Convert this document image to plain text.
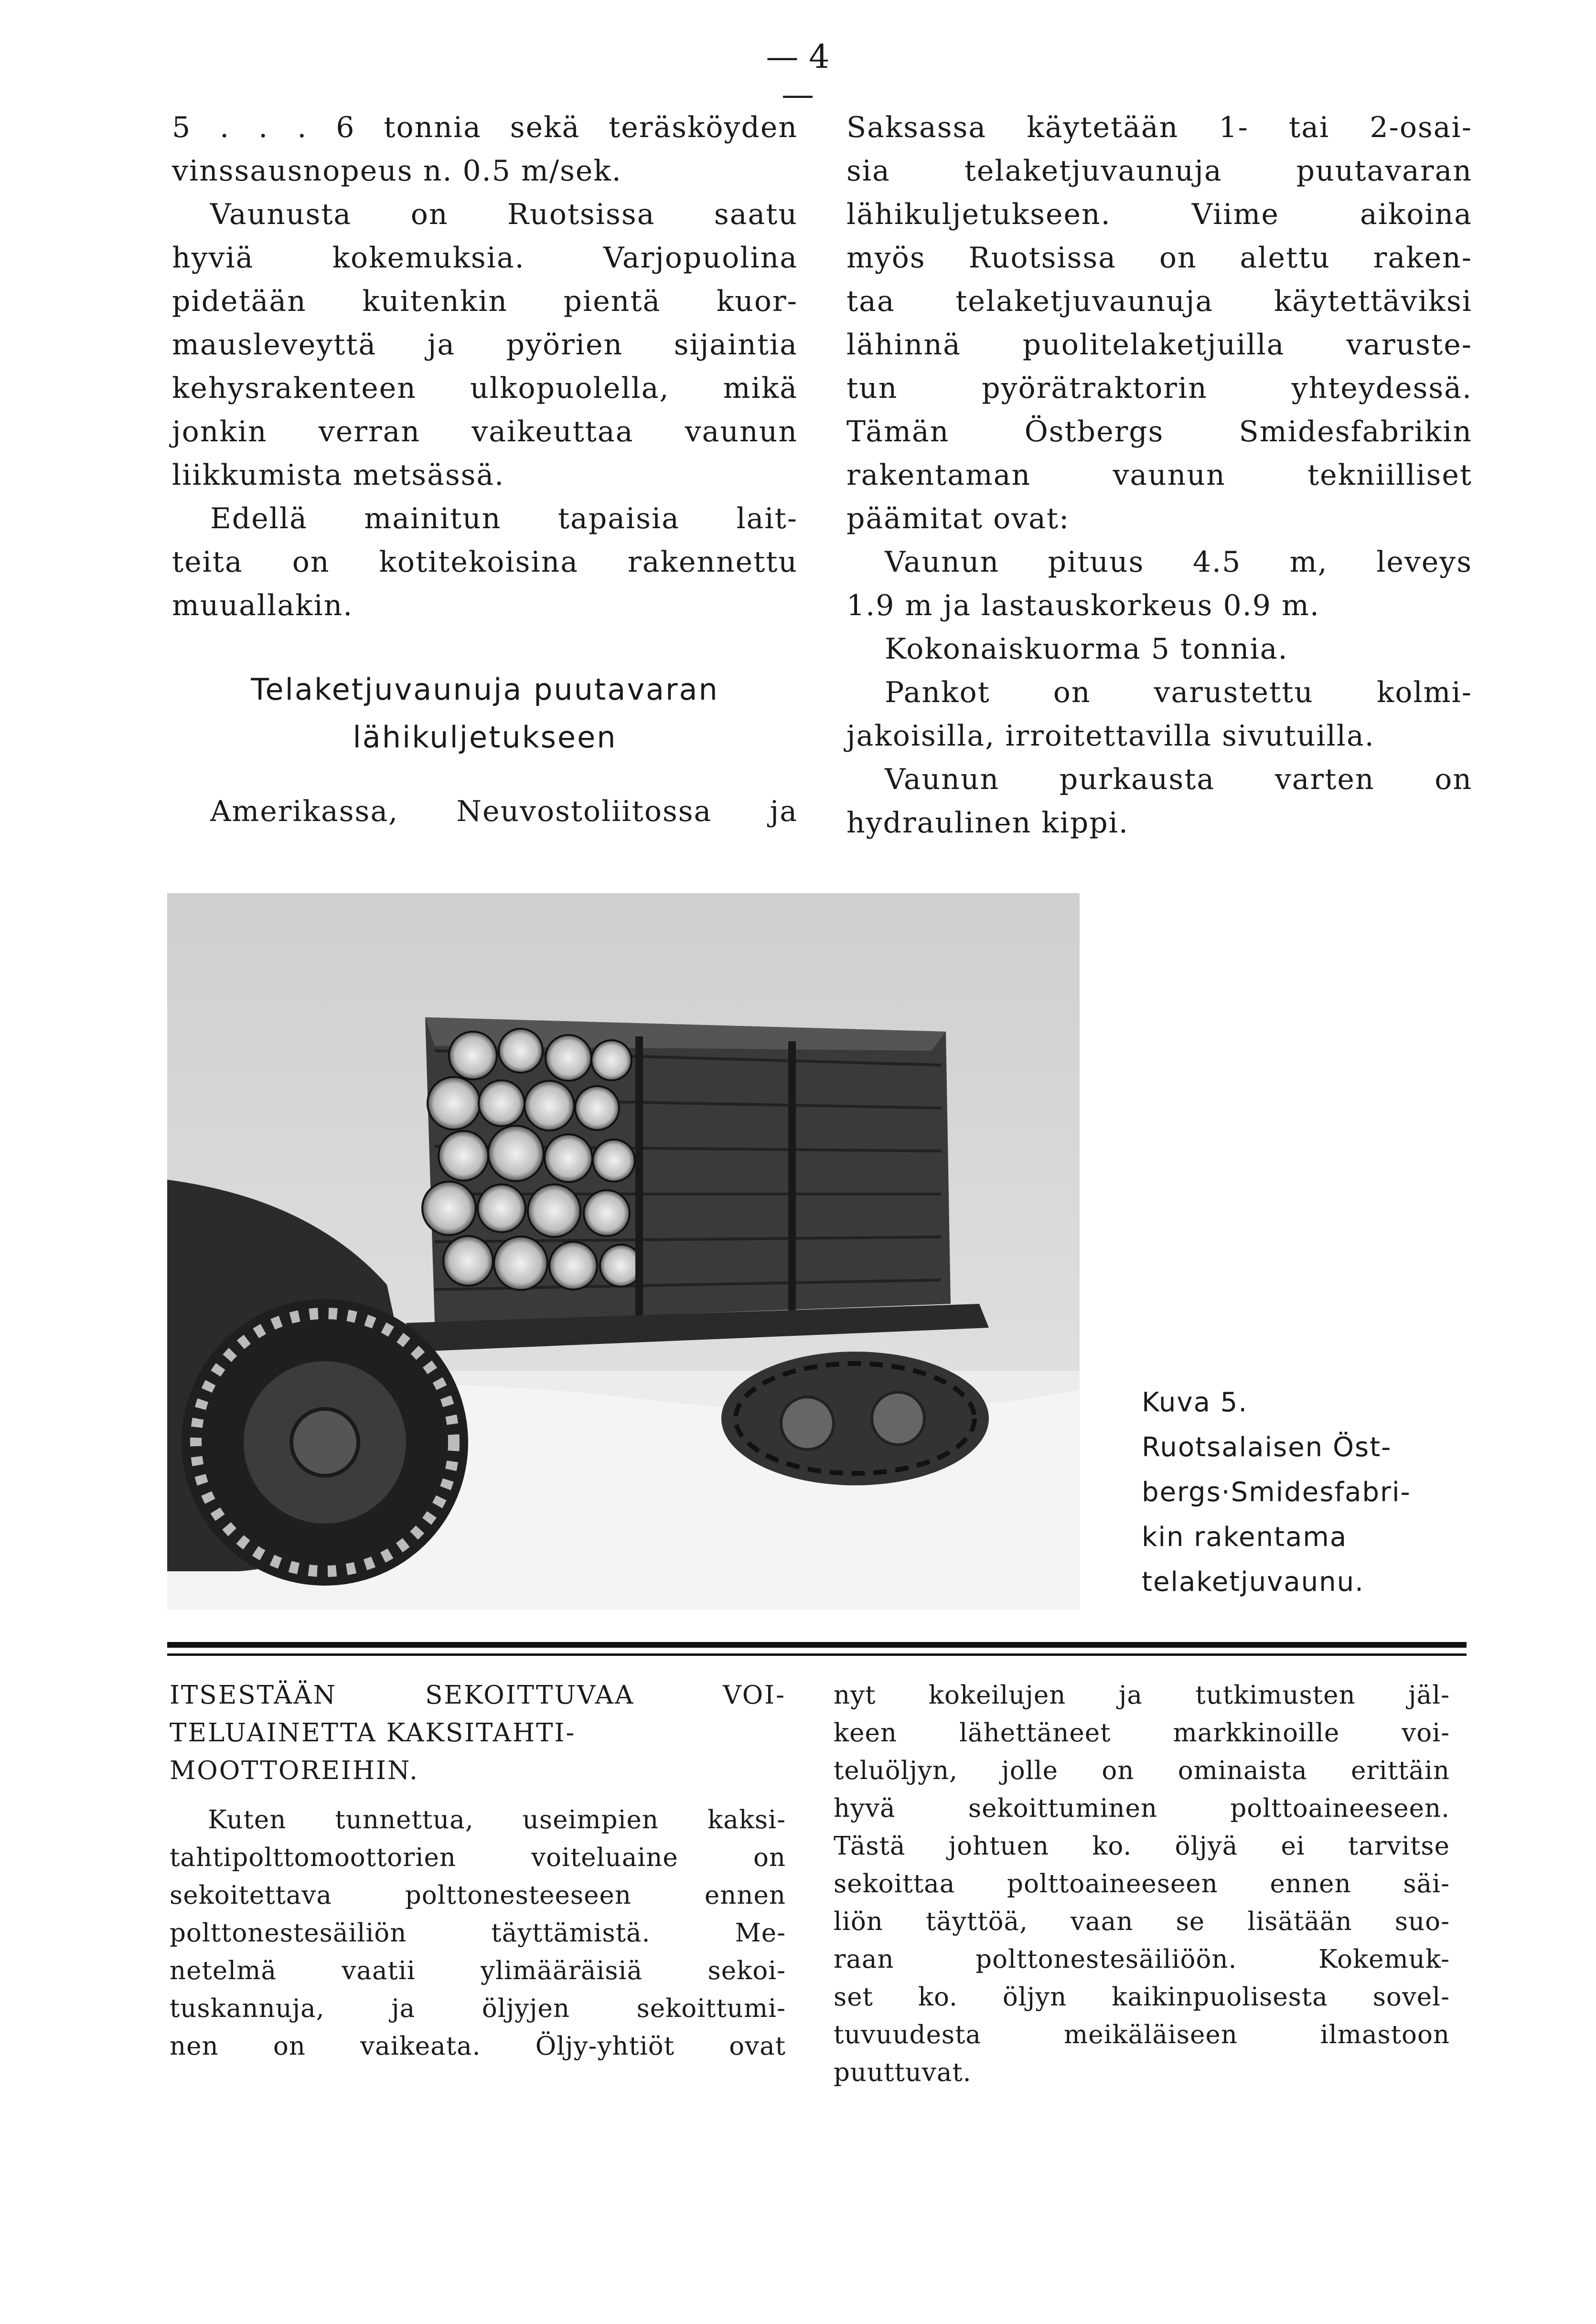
— 4 —

5 . . . 6 tonnia sekä teräsköyden

vinssausnopeus n. 0.5 m/sek.

Vaunusta on Ruotsissa saatu

hyviä kokemuksia. Varjopuolina

pidetään kuitenkin pientä kuor-

mausleveyttä ja pyörien sijaintia

kehysrakenteen ulkopuolella, mikä

jonkin verran vaikeuttaa vaunun

liikkumista metsässä.

Edellä mainitun tapaisia lait-

teita on kotitekoisina rakennettu

muuallakin.

Telaketjuvaunuja puutavaran
lähikuljetukseen

Amerikassa, Neuvostoliitossa ja

Saksassa käytetään 1- tai 2-osai-

sia telaketjuvaunuja puutavaran

lähikuljetukseen. Viime aikoina

myös Ruotsissa on alettu raken-

taa telaketjuvaunuja käytettäviksi

lähinnä puolitelaketjuilla varuste-

tun pyörätraktorin yhteydessä.

Tämän Östbergs Smidesfabrikin

rakentaman vaunun tekniilliset

päämitat ovat:

Vaunun pituus 4.5 m, leveys

1.9 m ja lastauskorkeus 0.9 m.

Kokonaiskuorma 5 tonnia.

Pankot on varustettu kolmi-

jakoisilla, irroitettavilla sivutuilla.

Vaunun purkausta varten on

hydraulinen kippi.

Kuva 5.
Ruotsalaisen Öst-
bergs·Smidesfabri-
kin rakentama
telaketjuvaunu.

ITSESTÄÄN SEKOITTUVAA VOI-

TELUAINETTA KAKSITAHTI-

MOOTTOREIHIN.

Kuten tunnettua, useimpien kaksi-

tahtipolttomoottorien voiteluaine on

sekoitettava polttonesteeseen ennen

polttonestesäiliön täyttämistä. Me-

netelmä vaatii ylimääräisiä sekoi-

tuskannuja, ja öljyjen sekoittumi-

nen on vaikeata. Öljy-yhtiöt ovat

nyt kokeilujen ja tutkimusten jäl-

keen lähettäneet markkinoille voi-

teluöljyn, jolle on ominaista erittäin

hyvä sekoittuminen polttoaineeseen.

Tästä johtuen ko. öljyä ei tarvitse

sekoittaa polttoaineeseen ennen säi-

liön täyttöä, vaan se lisätään suo-

raan polttonestesäiliöön. Kokemuk-

set ko. öljyn kaikinpuolisesta sovel-

tuvuudesta meikäläiseen ilmastoon

puuttuvat.
